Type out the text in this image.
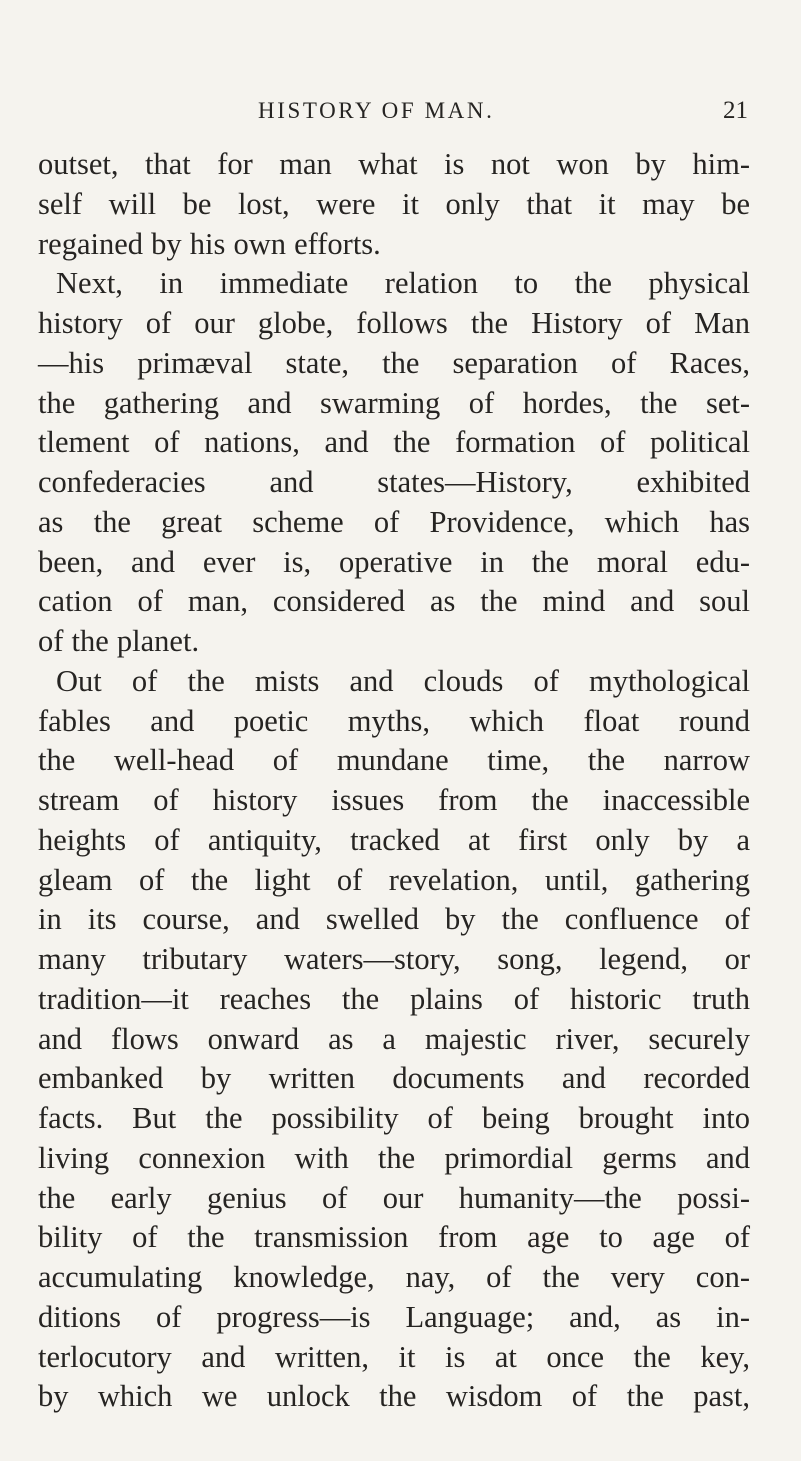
HISTORY OF MAN.	21
outset, that for man what is not won by him-
self will be lost, were it only that it may be
regained by his own efforts.
Next, in immediate relation to the physical
history of our globe, follows the History of Man
—his primæval state, the separation of Races,
the gathering and swarming of hordes, the set-
tlement of nations, and the formation of political
confederacies and states—History, exhibited
as the great scheme of Providence, which has
been, and ever is, operative in the moral edu-
cation of man, considered as the mind and soul
of the planet.
Out of the mists and clouds of mythological
fables and poetic myths, which float round
the well-head of mundane time, the narrow
stream of history issues from the inaccessible
heights of antiquity, tracked at first only by a
gleam of the light of revelation, until, gathering
in its course, and swelled by the confluence of
many tributary waters—story, song, legend, or
tradition—it reaches the plains of historic truth
and flows onward as a majestic river, securely
embanked by written documents and recorded
facts. But the possibility of being brought into
living connexion with the primordial germs and
the early genius of our humanity—the possi-
bility of the transmission from age to age of
accumulating knowledge, nay, of the very con-
ditions of progress—is Language; and, as in-
terlocutory and written, it is at once the key,
by which we unlock the wisdom of the past,
